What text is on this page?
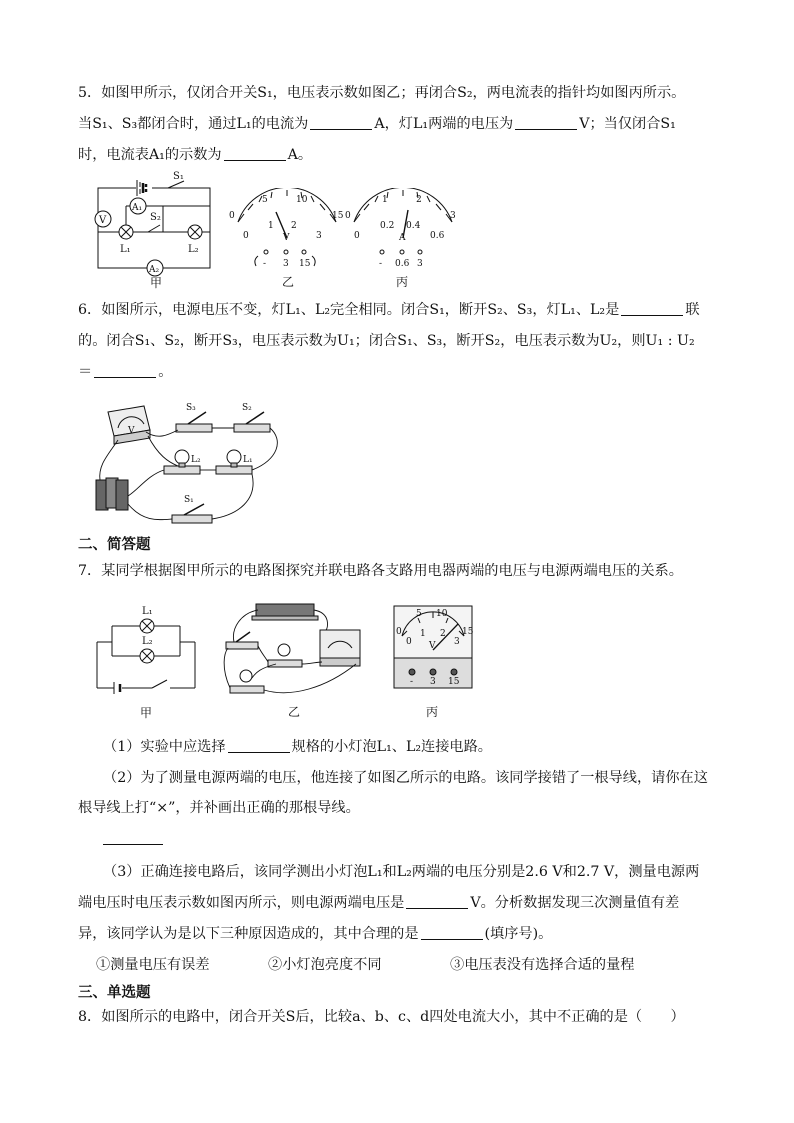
5．如图甲所示，仅闭合开关S₁，电压表示数如图乙；再闭合S₂，两电流表的指针均如图丙所示。
当S₁、S₃都闭合时，通过L₁的电流为	A，灯L₁两端的电压为	V；当仅闭合S₁
时，电流表A₁的示数为	A。
S₁
V
A₁
S₂
L₁	L₂
A₂
甲
0
5	10
15
0
1 2
3
V
- 3 15
乙
0
1	2
3
0
0.2 0.4
0.6
A
- 0.6 3
丙
6．如图所示，电源电压不变，灯L₁、L₂完全相同。闭合S₁，断开S₂、S₃，灯L₁、L₂是	联
的。闭合S₁、S₂，断开S₃，电压表示数为U₁；闭合S₁、S₃，断开S₂，电压表示数为U₂，则U₁ : U₂
＝	。
V
S₃	S₂
L₂	L₁
S₁
二、简答题
7．某同学根据图甲所示的电路图探究并联电路各支路用电器两端的电压与电源两端电压的关系。
L₁
L₂
甲	乙
0
5 10
15
0
1 2
3
V
- 3 15
丙
（1）实验中应选择	规格的小灯泡L₁、L₂连接电路。
（2）为了测量电源两端的电压，他连接了如图乙所示的电路。该同学接错了一根导线，请你在这
根导线上打“×”，并补画出正确的那根导线。
（3）正确连接电路后，该同学测出小灯泡L₁和L₂两端的电压分别是2.6 V和2.7 V，测量电源两
端电压时电压表示数如图丙所示，则电源两端电压是	V。分析数据发现三次测量值有差
异，该同学认为是以下三种原因造成的，其中合理的是	(填序号)。
①测量电压有误差	②小灯泡亮度不同	③电压表没有选择合适的量程
三、单选题
8．如图所示的电路中，闭合开关S后，比较a、b、c、d四处电流大小，其中不正确的是（　　）
